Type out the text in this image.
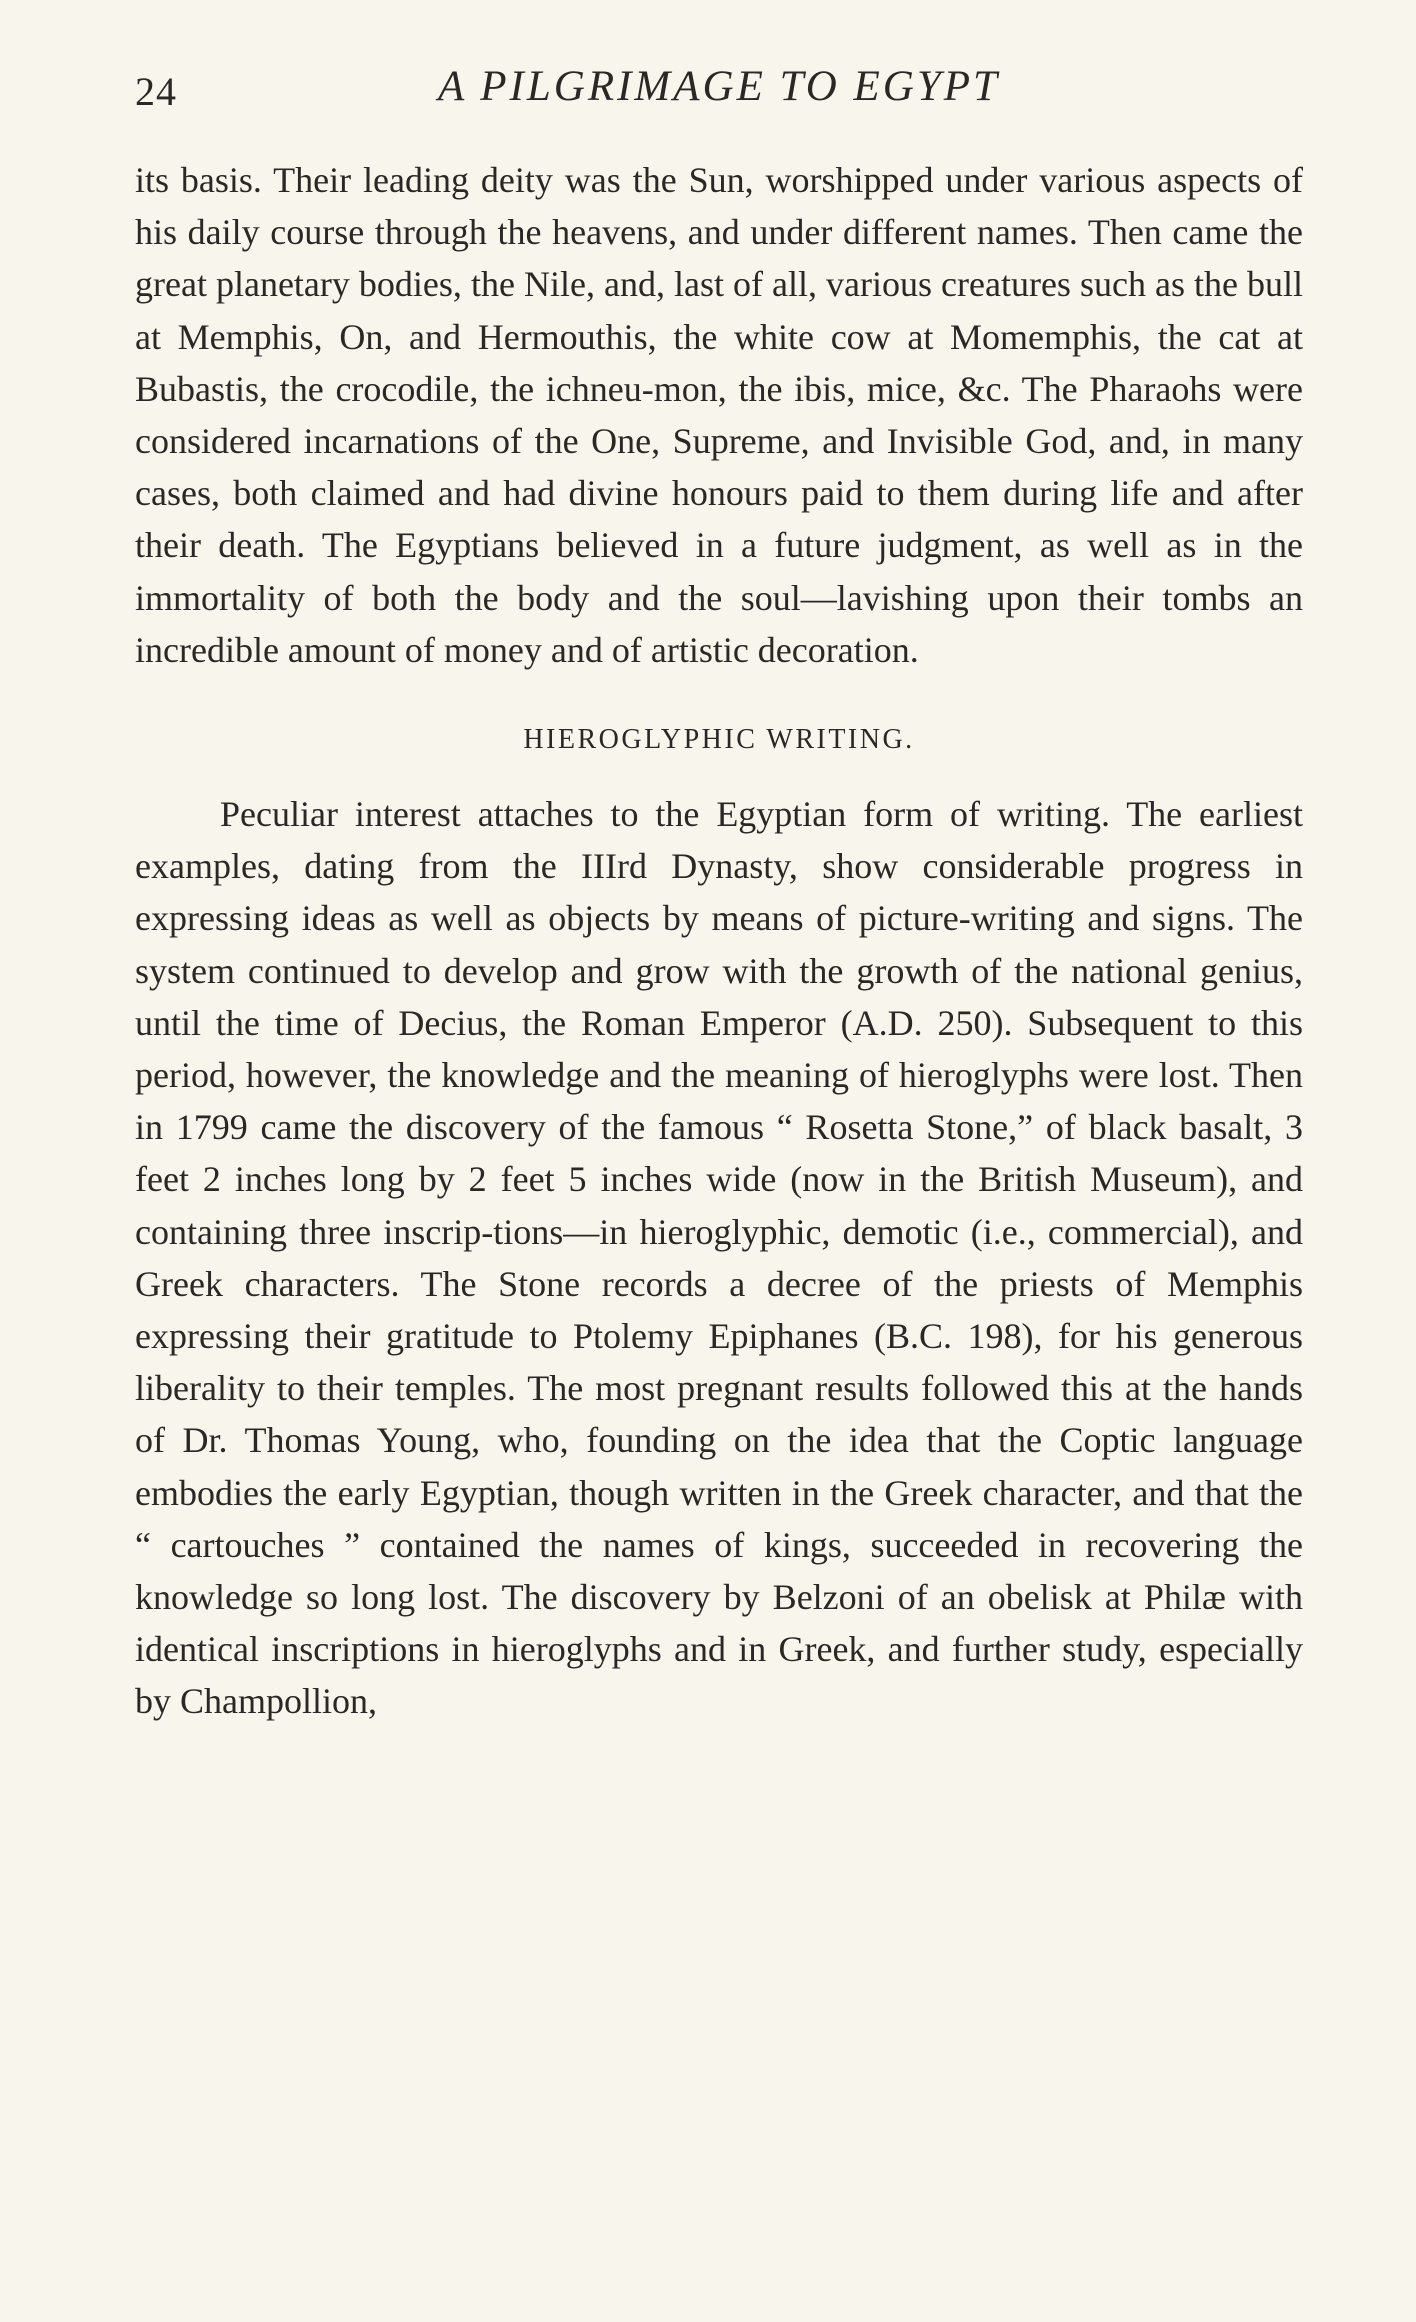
24	A PILGRIMAGE TO EGYPT

its basis. Their leading deity was the Sun, worshipped under various aspects of his daily course through the heavens, and under different names. Then came the great planetary bodies, the Nile, and, last of all, various creatures such as the bull at Memphis, On, and Hermouthis, the white cow at Momemphis, the cat at Bubastis, the crocodile, the ichneu-mon, the ibis, mice, &c. The Pharaohs were considered incarnations of the One, Supreme, and Invisible God, and, in many cases, both claimed and had divine honours paid to them during life and after their death. The Egyptians believed in a future judgment, as well as in the immortality of both the body and the soul—lavishing upon their tombs an incredible amount of money and of artistic decoration.

HIEROGLYPHIC WRITING.

Peculiar interest attaches to the Egyptian form of writing. The earliest examples, dating from the IIIrd Dynasty, show considerable progress in expressing ideas as well as objects by means of picture-writing and signs. The system continued to develop and grow with the growth of the national genius, until the time of Decius, the Roman Emperor (A.D. 250). Subsequent to this period, however, the knowledge and the meaning of hieroglyphs were lost. Then in 1799 came the discovery of the famous “ Rosetta Stone,” of black basalt, 3 feet 2 inches long by 2 feet 5 inches wide (now in the British Museum), and containing three inscrip-tions—in hieroglyphic, demotic (i.e., commercial), and Greek characters. The Stone records a decree of the priests of Memphis expressing their gratitude to Ptolemy Epiphanes (B.C. 198), for his generous liberality to their temples. The most pregnant results followed this at the hands of Dr. Thomas Young, who, founding on the idea that the Coptic language embodies the early Egyptian, though written in the Greek character, and that the “ cartouches ” contained the names of kings, succeeded in recovering the knowledge so long lost. The discovery by Belzoni of an obelisk at Philæ with identical inscriptions in hieroglyphs and in Greek, and further study, especially by Champollion,
